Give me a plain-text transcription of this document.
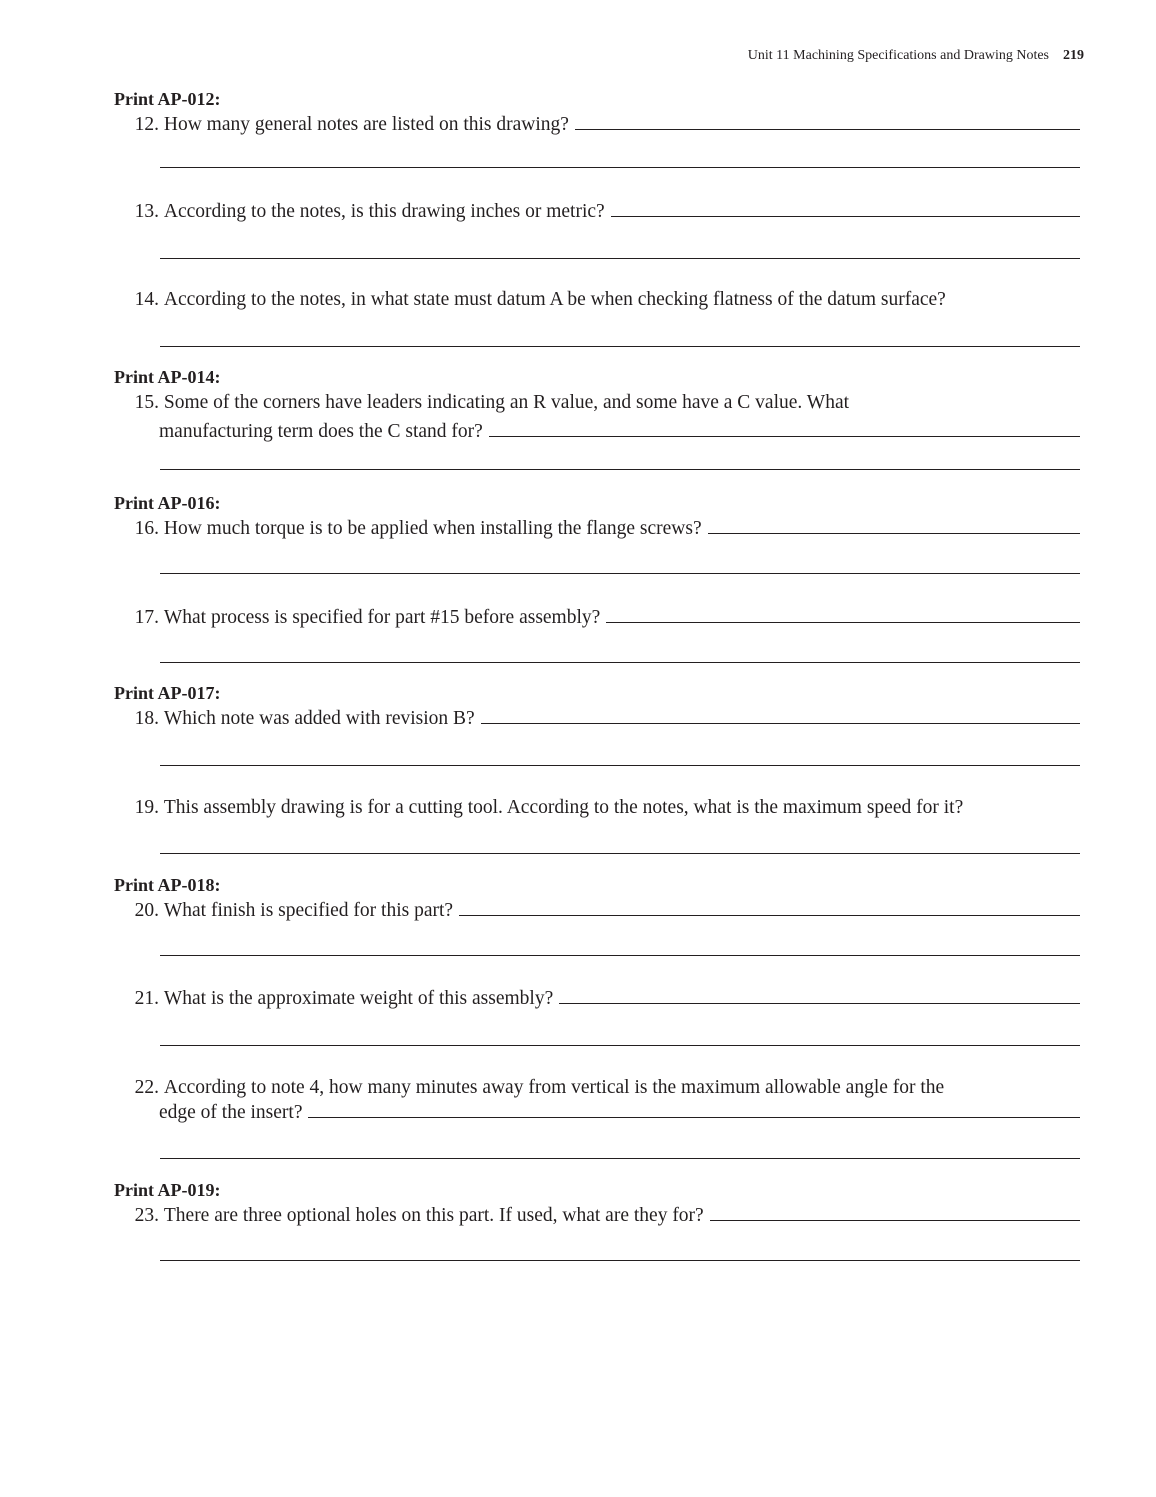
Unit 11 Machining Specifications and Drawing Notes 219
Print AP-012:
12.
How many general notes are listed on this drawing?
13.
According to the notes, is this drawing inches or metric?
14.
According to the notes, in what state must datum A be when checking flatness of the datum surface?
Print AP-014:
15.
Some of the corners have leaders indicating an R value, and some have a C value. What
manufacturing term does the C stand for?
Print AP-016:
16.
How much torque is to be applied when installing the flange screws?
17.
What process is specified for part #15 before assembly?
Print AP-017:
18.
Which note was added with revision B?
19.
This assembly drawing is for a cutting tool. According to the notes, what is the maximum speed for it?
Print AP-018:
20.
What finish is specified for this part?
21.
What is the approximate weight of this assembly?
22.
According to note 4, how many minutes away from vertical is the maximum allowable angle for the
edge of the insert?
Print AP-019:
23.
There are three optional holes on this part. If used, what are they for?
